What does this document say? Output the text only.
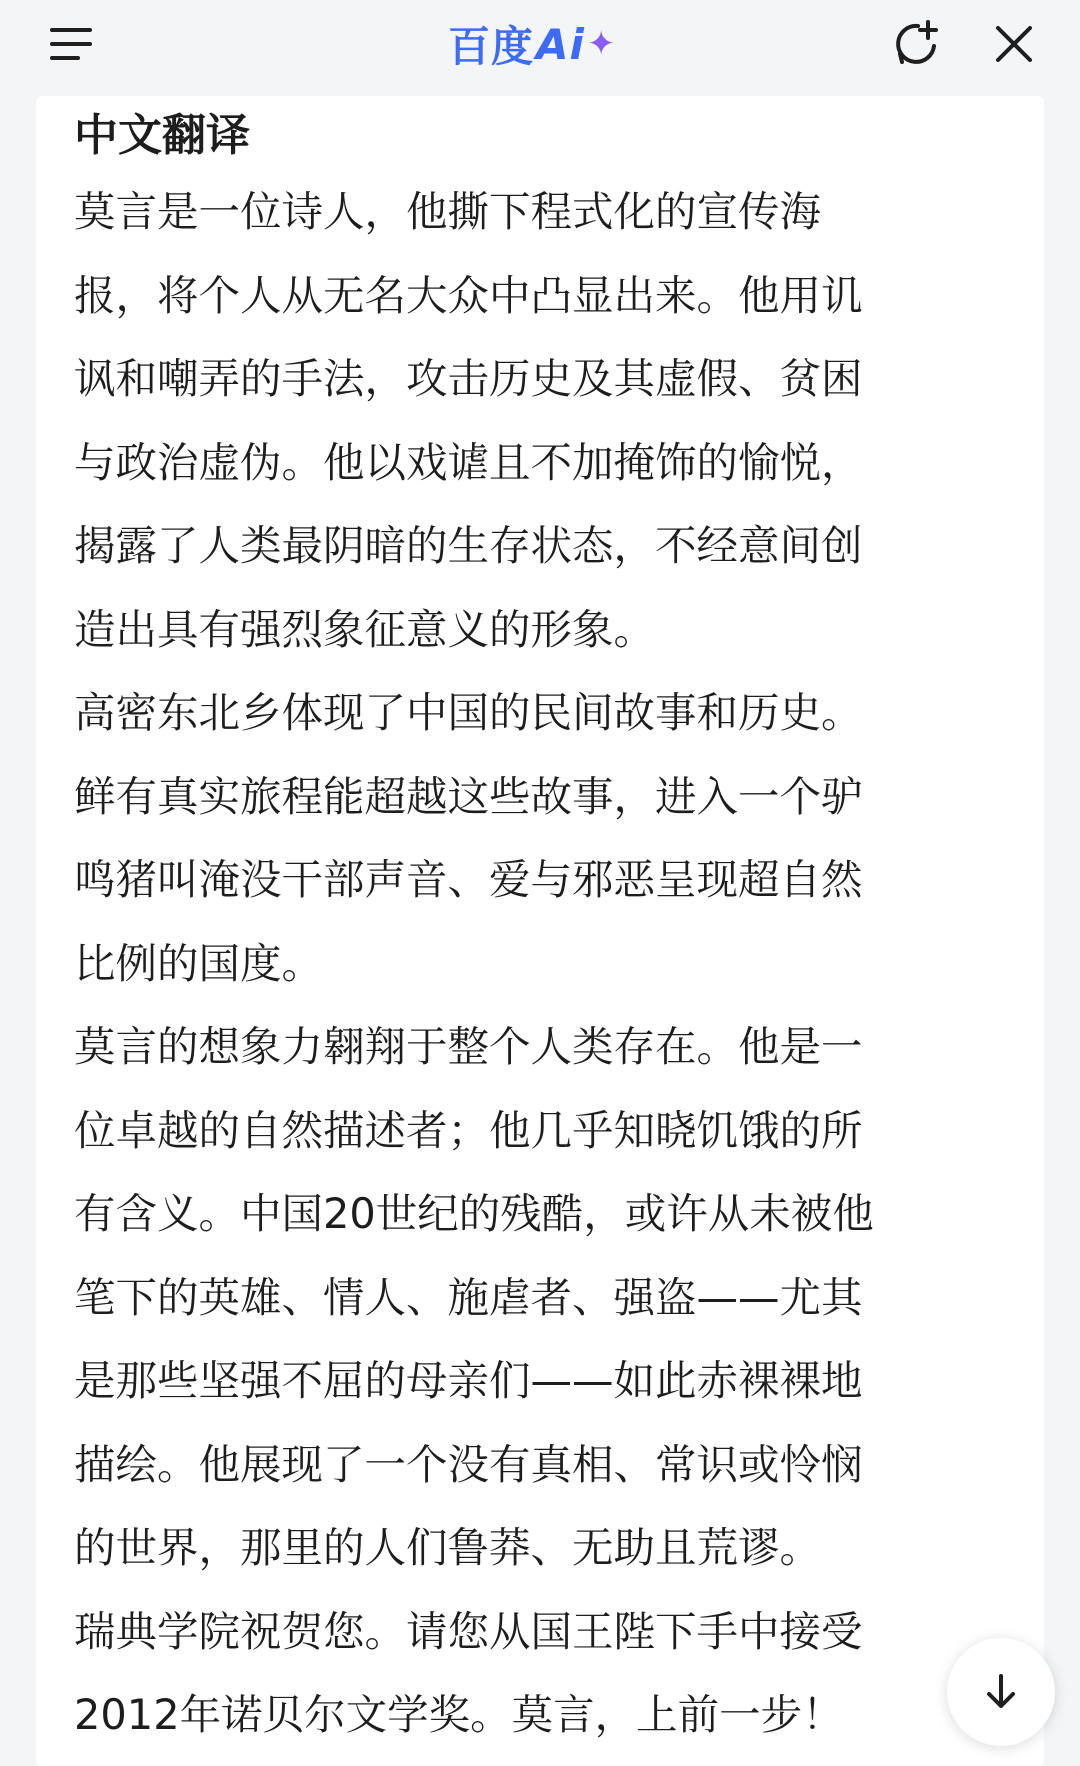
百度 Ai ✦
中文翻译
莫言是一位诗人，他撕下程式化的宣传海
报，将个人从无名大众中凸显出来。他用讥
讽和嘲弄的手法，攻击历史及其虚假、贫困
与政治虚伪。他以戏谑且不加掩饰的愉悦，
揭露了人类最阴暗的生存状态，不经意间创
造出具有强烈象征意义的形象。
高密东北乡体现了中国的民间故事和历史。
鲜有真实旅程能超越这些故事，进入一个驴
鸣猪叫淹没干部声音、爱与邪恶呈现超自然
比例的国度。
莫言的想象力翱翔于整个人类存在。他是一
位卓越的自然描述者；他几乎知晓饥饿的所
有含义。中国20世纪的残酷，或许从未被他
笔下的英雄、情人、施虐者、强盗——尤其
是那些坚强不屈的母亲们——如此赤裸裸地
描绘。他展现了一个没有真相、常识或怜悯
的世界，那里的人们鲁莽、无助且荒谬。
瑞典学院祝贺您。请您从国王陛下手中接受
2012年诺贝尔文学奖。莫言，上前一步！
